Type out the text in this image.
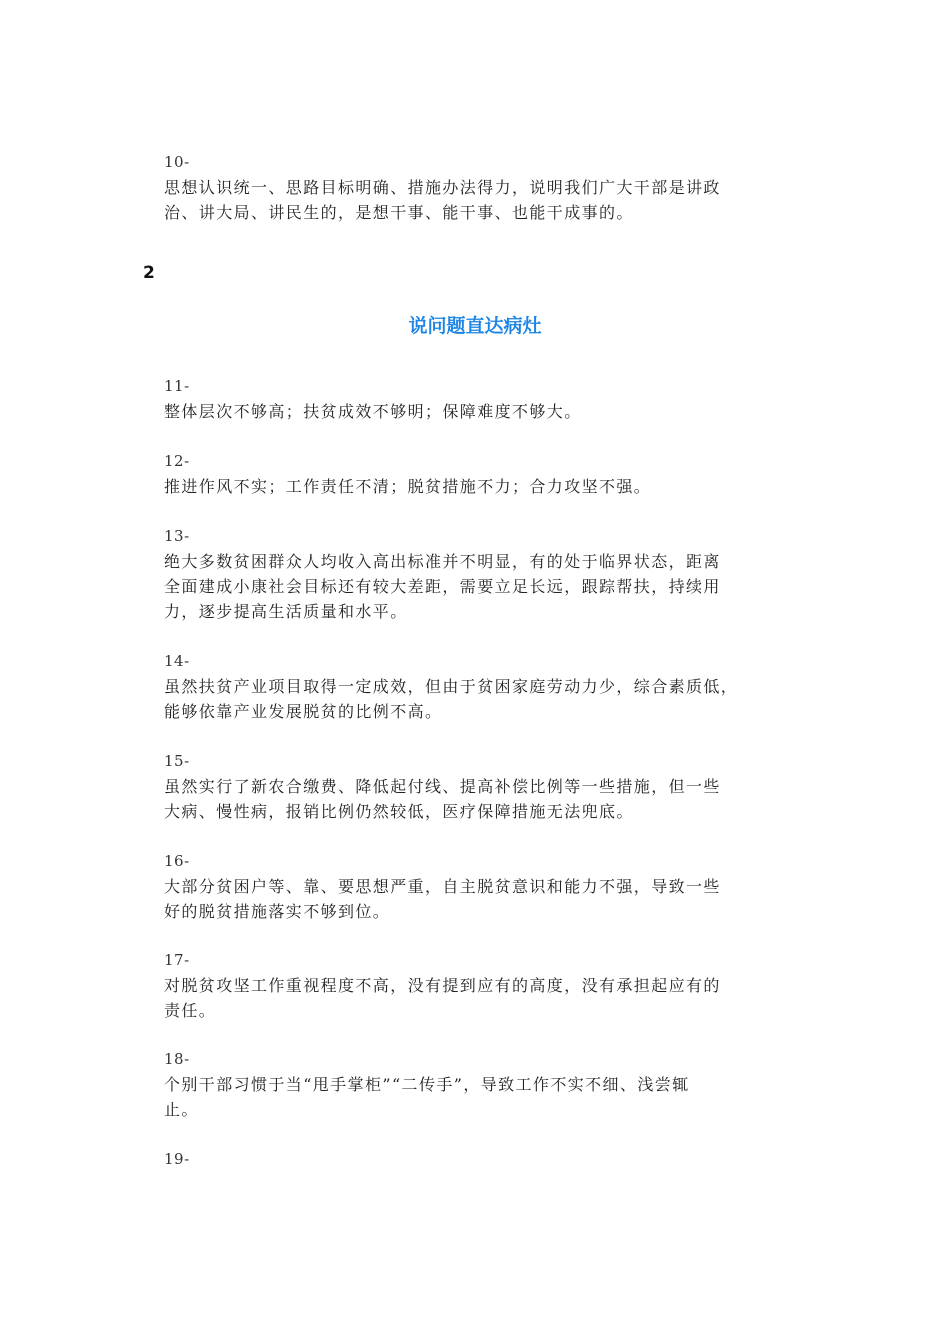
10-
思想认识统一、思路目标明确、措施办法得力，说明我们广大干部是讲政
治、讲大局、讲民生的，是想干事、能干事、也能干成事的。
2
说问题直达病灶
11-
整体层次不够高；扶贫成效不够明；保障难度不够大。
12-
推进作风不实；工作责任不清；脱贫措施不力；合力攻坚不强。
13-
绝大多数贫困群众人均收入高出标准并不明显，有的处于临界状态，距离
全面建成小康社会目标还有较大差距，需要立足长远，跟踪帮扶，持续用
力，逐步提高生活质量和水平。
14-
虽然扶贫产业项目取得一定成效，但由于贫困家庭劳动力少，综合素质低，
能够依靠产业发展脱贫的比例不高。
15-
虽然实行了新农合缴费、降低起付线、提高补偿比例等一些措施，但一些
大病、慢性病，报销比例仍然较低，医疗保障措施无法兜底。
16-
大部分贫困户等、靠、要思想严重，自主脱贫意识和能力不强，导致一些
好的脱贫措施落实不够到位。
17-
对脱贫攻坚工作重视程度不高，没有提到应有的高度，没有承担起应有的
责任。
18-
个别干部习惯于当“甩手掌柜”“二传手”，导致工作不实不细、浅尝辄
止。
19-
